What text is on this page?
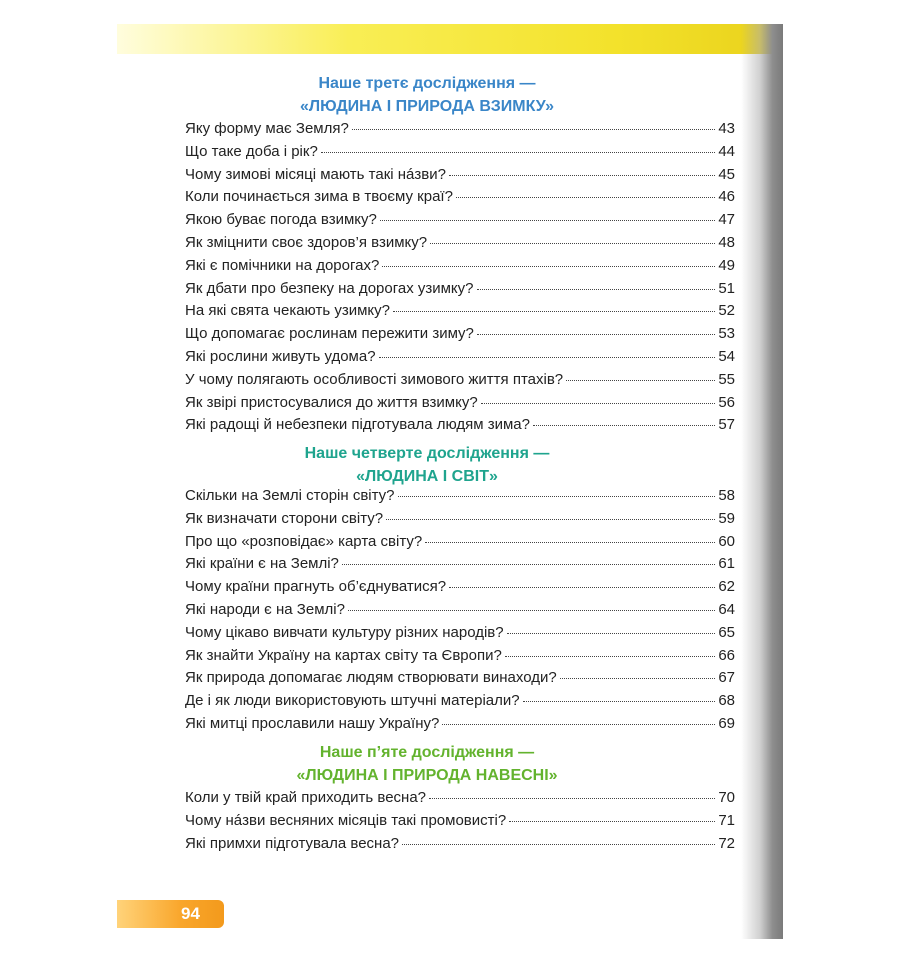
Наше третє дослідження —
«ЛЮДИНА І ПРИРОДА ВЗИМКУ»
Яку форму має Земля?	43
Що таке доба і рік?	44
Чому зимові місяці мають такі нáзви?	45
Коли починається зима в твоєму краї?	46
Якою буває погода взимку?	47
Як зміцнити своє здоров’я взимку?	48
Які є помічники на дорогах?	49
Як дбати про безпеку на дорогах узимку?	51
На які свята чекають узимку?	52
Що допомагає рослинам пережити зиму?	53
Які рослини живуть удома?	54
У чому полягають особливості зимового життя птахів?	55
Як звірі пристосувалися до життя взимку?	56
Які радощі й небезпеки підготувала людям зима?	57
Наше четверте дослідження —
«ЛЮДИНА І СВІТ»
Скільки на Землі сторін світу?	58
Як визначати сторони світу?	59
Про що «розповідає» карта світу?	60
Які країни є на Землі?	61
Чому країни прагнуть об’єднуватися?	62
Які народи є на Землі?	64
Чому цікаво вивчати культуру різних народів?	65
Як знайти Україну на картах світу та Європи?	66
Як природа допомагає людям створювати винаходи?	67
Де і як люди використовують штучні матеріали?	68
Які митці прославили нашу Україну?	69
Наше п’яте дослідження —
«ЛЮДИНА І ПРИРОДА НАВЕСНІ»
Коли у твій край приходить весна?	70
Чому нáзви весняних місяців такі промовисті?	71
Які примхи підготувала весна?	72
94
